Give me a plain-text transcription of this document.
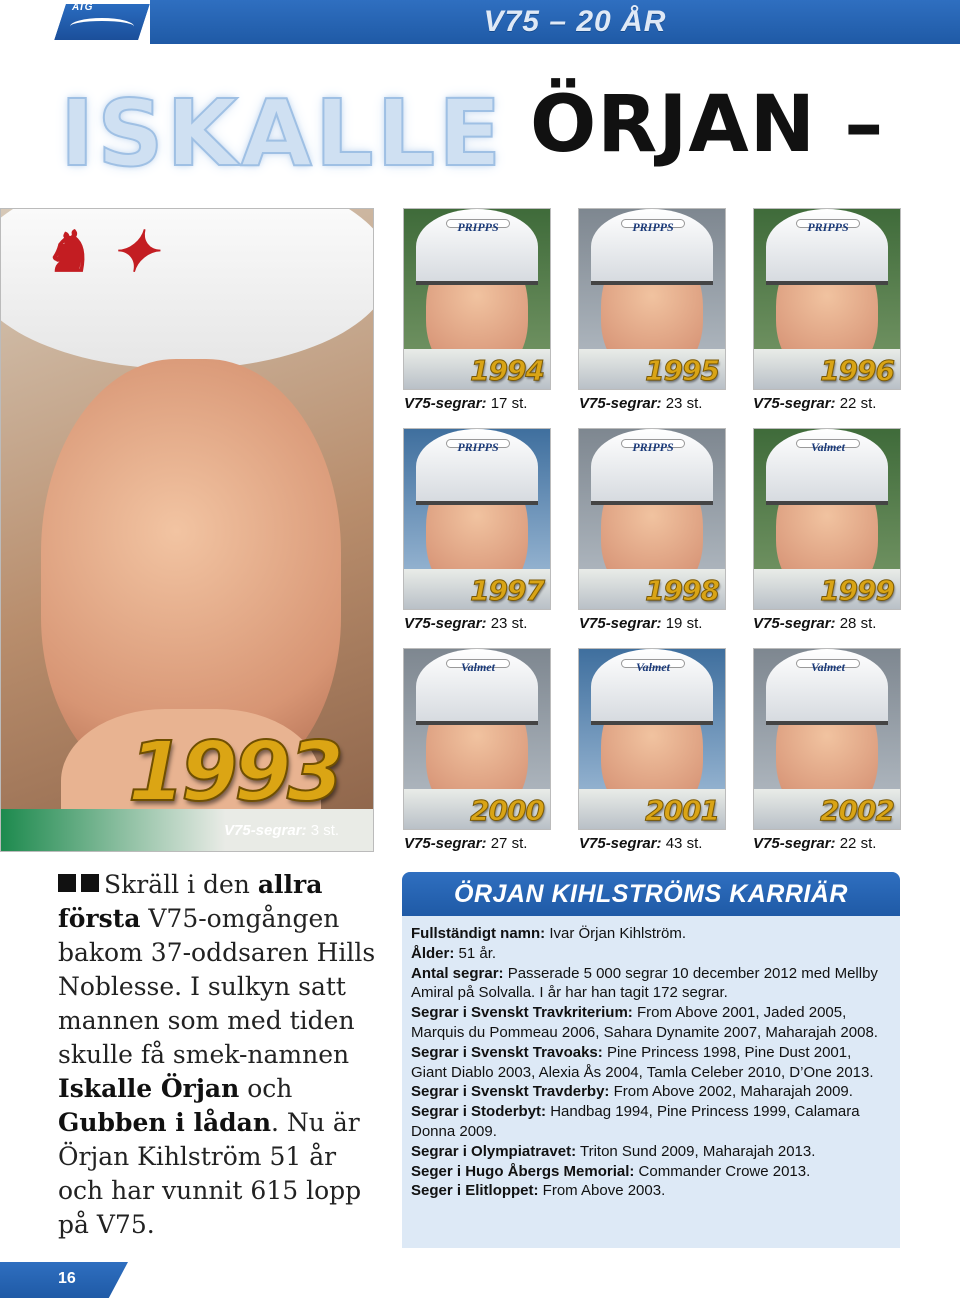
ATG	V75 – 20 ÅR
ISKALLE ÖRJAN –
♞ ✦
1993
V75-segrar: 3 st.
PRIPPS
1994
V75-segrar: 17 st.
PRIPPS
1995
V75-segrar: 23 st.
PRIPPS
1996
V75-segrar: 22 st.
PRIPPS
1997
V75-segrar: 23 st.
PRIPPS
1998
V75-segrar: 19 st.
Valmet
1999
V75-segrar: 28 st.
Valmet
2000
V75-segrar: 27 st.
Valmet
2001
V75-segrar: 43 st.
Valmet
2002
V75-segrar: 22 st.
Skräll i den allra första V75-omgången bakom 37-oddsaren Hills Noblesse. I sulkyn satt mannen som med tiden skulle få smek-namnen Iskalle Örjan och Gubben i lådan. Nu är Örjan Kihlström 51 år och har vunnit 615 lopp på V75.
ÖRJAN KIHLSTRÖMS KARRIÄR

Fullständigt namn: Ivar Örjan Kihlström.

Ålder: 51 år.

Antal segrar: Passerade 5 000 segrar 10 december 2012 med Mellby Amiral på Solvalla. I år har han tagit 172 segrar.

Segrar i Svenskt Travkriterium: From Above 2001, Jaded 2005, Marquis du Pommeau 2006, Sahara Dynamite 2007, Maharajah 2008.

Segrar i Svenskt Travoaks: Pine Princess 1998, Pine Dust 2001, Giant Diablo 2003, Alexia Ås 2004, Tamla Celeber 2010, D’One 2013.

Segrar i Svenskt Travderby: From Above 2002, Maharajah 2009.

Segrar i Stoderbyt: Handbag 1994, Pine Princess 1999, Calamara Donna 2009.

Segrar i Olympiatravet: Triton Sund 2009, Maharajah 2013.

Seger i Hugo Åbergs Memorial: Commander Crowe 2013.

Seger i Elitloppet: From Above 2003.

16
